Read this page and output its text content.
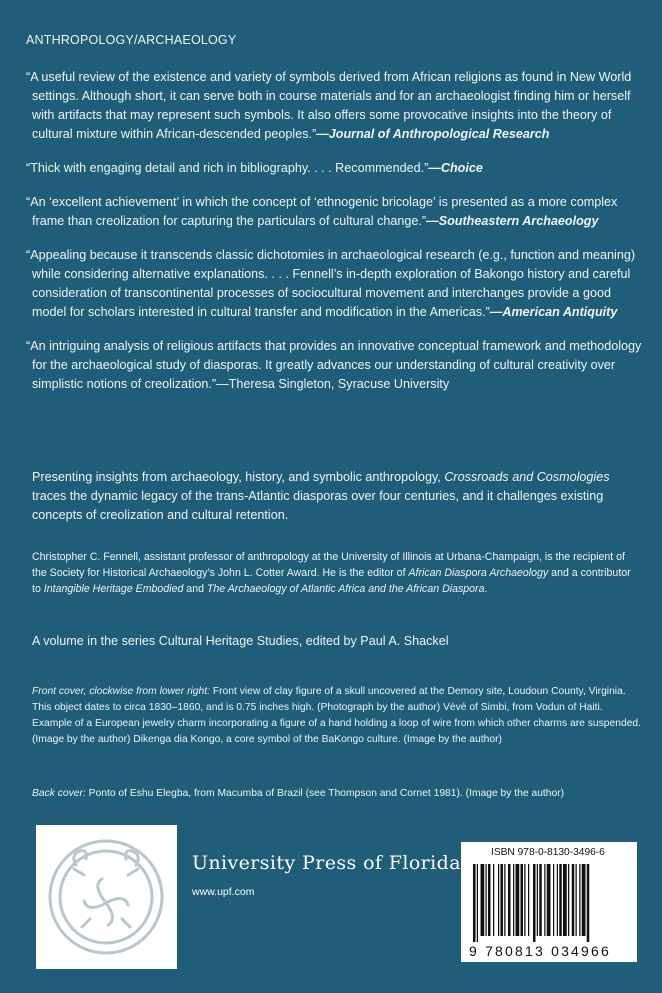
ANTHROPOLOGY/ARCHAEOLOGY

“A useful review of the existence and variety of symbols derived from African religions as found in New World settings. Although short, it can serve both in course materials and for an archaeologist finding him or herself with artifacts that may represent such symbols. It also offers some provocative insights into the theory of cultural mixture within African-descended peoples.”—Journal of Anthropological Research

“Thick with engaging detail and rich in bibliography. . . . Recommended.”—Choice

“An ‘excellent achievement’ in which the concept of ‘ethnogenic bricolage’ is presented as a more complex frame than creolization for capturing the particulars of cultural change.”—Southeastern Archaeology

“Appealing because it transcends classic dichotomies in archaeological research (e.g., function and meaning) while considering alternative explanations. . . . Fennell’s in-depth exploration of Bakongo history and careful consideration of transcontinental processes of sociocultural movement and interchanges provide a good model for scholars interested in cultural transfer and modification in the Americas.”—American Antiquity

“An intriguing analysis of religious artifacts that provides an innovative conceptual framework and methodology for the archaeological study of diasporas. It greatly advances our understanding of cultural creativity over simplistic notions of creolization.”—Theresa Singleton, Syracuse University

Presenting insights from archaeology, history, and symbolic anthropology, Crossroads and Cosmologies traces the dynamic legacy of the trans-Atlantic diasporas over four centuries, and it challenges existing concepts of creolization and cultural retention.

Christopher C. Fennell, assistant professor of anthropology at the University of Illinois at Urbana-Champaign, is the recipient of the Society for Historical Archaeology’s John L. Cotter Award. He is the editor of African Diaspora Archaeology and a contributor to Intangible Heritage Embodied and The Archaeology of Atlantic Africa and the African Diaspora.

A volume in the series Cultural Heritage Studies, edited by Paul A. Shackel

Front cover, clockwise from lower right: Front view of clay figure of a skull uncovered at the Demory site, Loudoun County, Virginia. This object dates to circa 1830–1860, and is 0.75 inches high. (Photograph by the author) Vèvè of Simbi, from Vodun of Haiti. Example of a European jewelry charm incorporating a figure of a hand holding a loop of wire from which other charms are suspended. (Image by the author) Dikenga dia Kongo, a core symbol of the BaKongo culture. (Image by the author)

Back cover: Ponto of Eshu Elegba, from Macumba of Brazil (see Thompson and Cornet 1981). (Image by the author)

University Press of Florida
www.upf.com
ISBN 978-0-8130-3496-6
9 780813 034966
